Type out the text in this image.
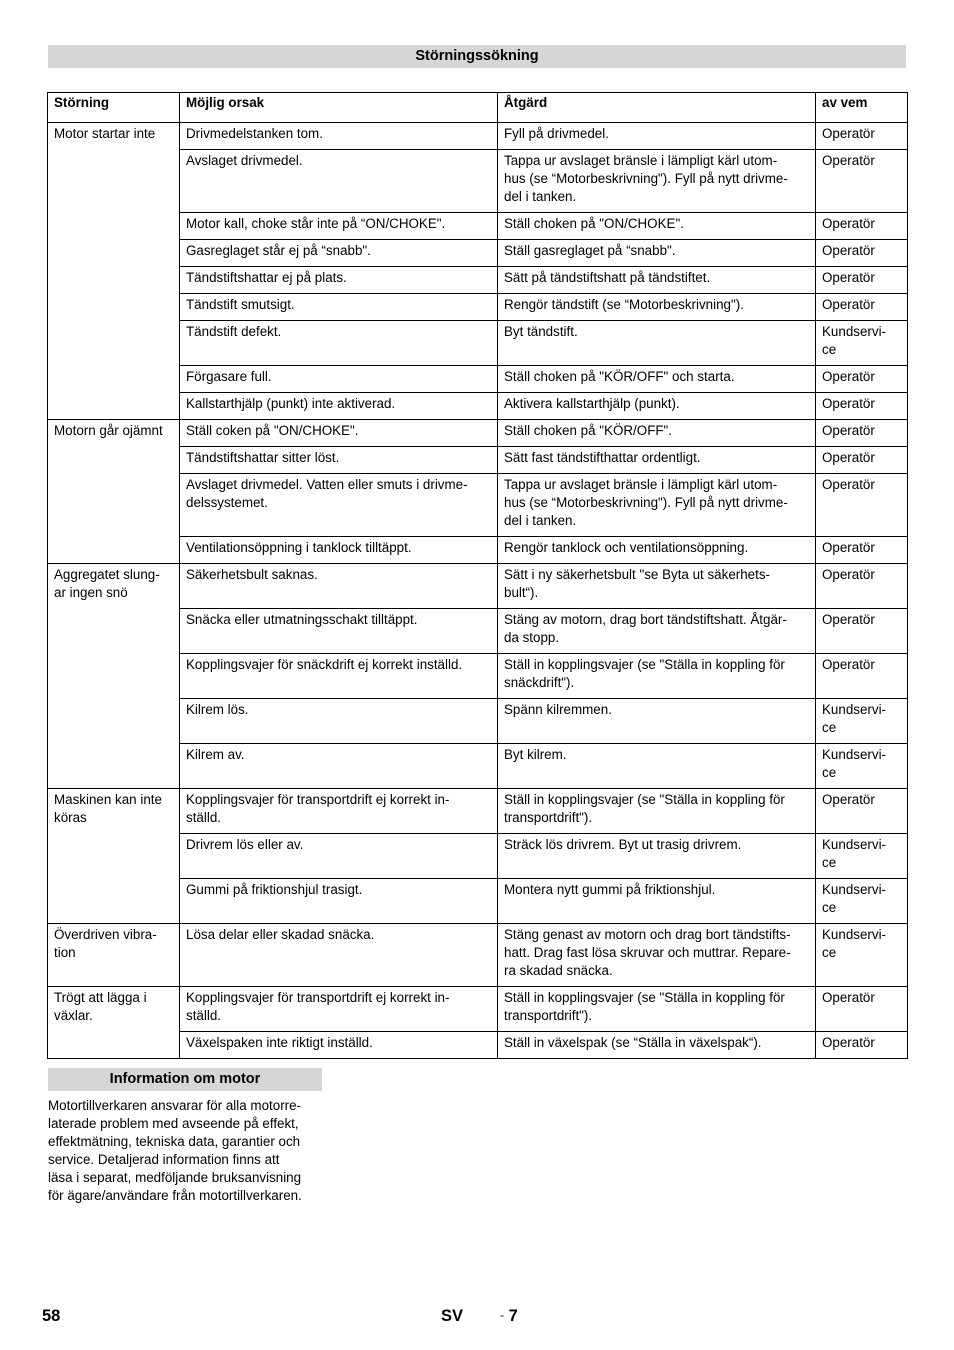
Störningssökning
Störning	Möjlig orsak	Åtgärd	av vem
Motor startar inte	Drivmedelstanken tom.	Fyll på drivmedel.	Operatör
	Avslaget drivmedel.	Tappa ur avslaget bränsle i lämpligt kärl utom-
hus (se “Motorbeskrivning"). Fyll på nytt drivme-
del i tanken.	Operatör
	Motor kall, choke står inte på “ON/CHOKE".	Ställ choken på "ON/CHOKE".	Operatör
	Gasreglaget står ej på “snabb".	Ställ gasreglaget på “snabb".	Operatör
	Tändstiftshattar ej på plats.	Sätt på tändstiftshatt på tändstiftet.	Operatör
	Tändstift smutsigt.	Rengör tändstift (se “Motorbeskrivning").	Operatör
	Tändstift defekt.	Byt tändstift.	Kundservi-
ce
	Förgasare full.	Ställ choken på "KÖR/OFF" och starta.	Operatör
	Kallstarthjälp (punkt) inte aktiverad.	Aktivera kallstarthjälp (punkt).	Operatör
Motorn går ojämnt	Ställ coken på "ON/CHOKE".	Ställ choken på "KÖR/OFF".	Operatör
	Tändstiftshattar sitter löst.	Sätt fast tändstifthattar ordentligt.	Operatör
	Avslaget drivmedel. Vatten eller smuts i drivme-
delssystemet.	Tappa ur avslaget bränsle i lämpligt kärl utom-
hus (se “Motorbeskrivning"). Fyll på nytt drivme-
del i tanken.	Operatör
	Ventilationsöppning i tanklock tilltäppt.	Rengör tanklock och ventilationsöppning.	Operatör
Aggregatet slung-
ar ingen snö	Säkerhetsbult saknas.	Sätt i ny säkerhetsbult "se Byta ut säkerhets-
bult“).	Operatör
	Snäcka eller utmatningsschakt tilltäppt.	Stäng av motorn, drag bort tändstiftshatt. Åtgär-
da stopp.	Operatör
	Kopplingsvajer för snäckdrift ej korrekt inställd.	Ställ in kopplingsvajer (se "Ställa in koppling för
snäckdrift").	Operatör
	Kilrem lös.	Spänn kilremmen.	Kundservi-
ce
	Kilrem av.	Byt kilrem.	Kundservi-
ce
Maskinen kan inte
köras	Kopplingsvajer för transportdrift ej korrekt in-
ställd.	Ställ in kopplingsvajer (se "Ställa in koppling för
transportdrift").	Operatör
	Drivrem lös eller av.	Sträck lös drivrem. Byt ut trasig drivrem.	Kundservi-
ce
	Gummi på friktionshjul trasigt.	Montera nytt gummi på friktionshjul.	Kundservi-
ce
Överdriven vibra-
tion	Lösa delar eller skadad snäcka.	Stäng genast av motorn och drag bort tändstifts-
hatt. Drag fast lösa skruvar och muttrar. Repare-
ra skadad snäcka.	Kundservi-
ce
Trögt att lägga i
växlar.	Kopplingsvajer för transportdrift ej korrekt in-
ställd.	Ställ in kopplingsvajer (se "Ställa in koppling för
transportdrift").	Operatör
	Växelspaken inte riktigt inställd.	Ställ in växelspak (se “Ställa in växelspak“).	Operatör
Information om motor
Motortillverkaren ansvarar för alla motorre-
laterade problem med avseende på effekt,
effektmätning, tekniska data, garantier och
service. Detaljerad information finns att
läsa i separat, medföljande bruksanvisning
för ägare/användare från motortillverkaren.
58	SV	- 7
